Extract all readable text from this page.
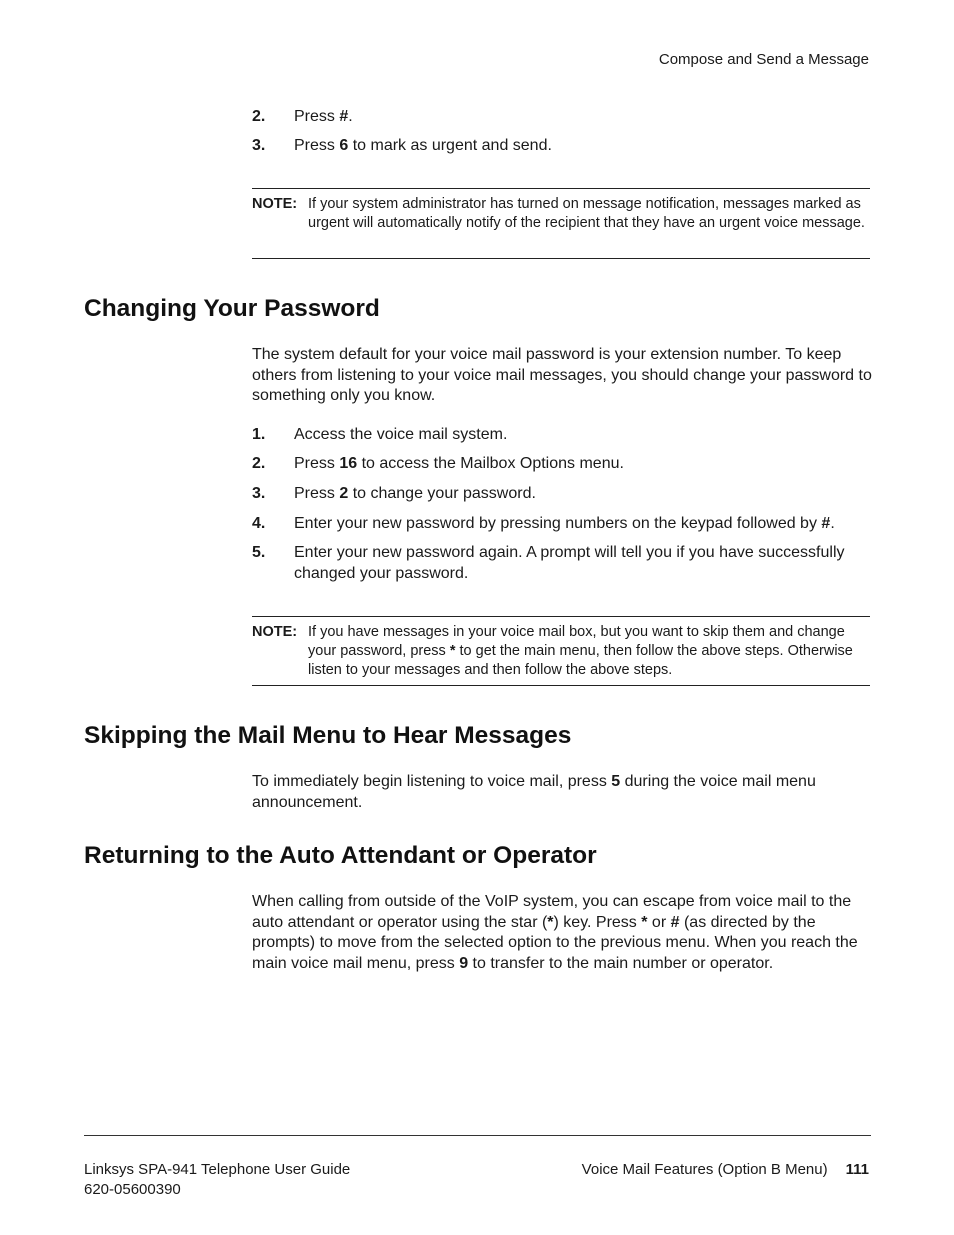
Compose and Send a Message
2. Press #.
3. Press 6 to mark as urgent and send.
NOTE: If your system administrator has turned on message notification, messages marked as urgent will automatically notify of the recipient that they have an urgent voice message.
Changing Your Password
The system default for your voice mail password is your extension number. To keep others from listening to your voice mail messages, you should change your password to something only you know.
1. Access the voice mail system.
2. Press 16 to access the Mailbox Options menu.
3. Press 2 to change your password.
4. Enter your new password by pressing numbers on the keypad followed by #.
5. Enter your new password again. A prompt will tell you if you have successfully changed your password.
NOTE: If you have messages in your voice mail box, but you want to skip them and change your password, press * to get the main menu, then follow the above steps. Otherwise listen to your messages and then follow the above steps.
Skipping the Mail Menu to Hear Messages
To immediately begin listening to voice mail, press 5 during the voice mail menu announcement.
Returning to the Auto Attendant or Operator
When calling from outside of the VoIP system, you can escape from voice mail to the auto attendant or operator using the star (*) key. Press * or # (as directed by the prompts) to move from the selected option to the previous menu. When you reach the main voice mail menu, press 9 to transfer to the main number or operator.
Linksys SPA-941 Telephone User Guide
620-05600390
Voice Mail Features (Option B Menu) 111
